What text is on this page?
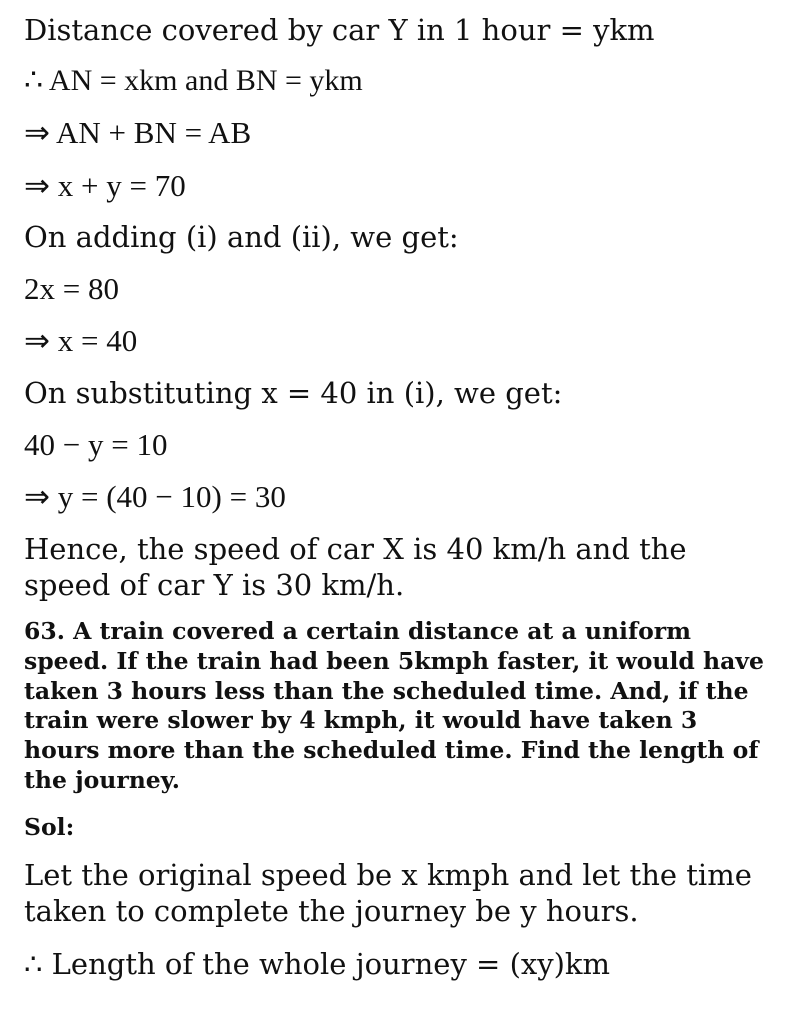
Distance covered by car Y in 1 hour = ykm
∴ AN = xkm and BN = ykm
⇒ AN + BN = AB
⇒ x + y = 70
On adding (i) and (ii), we get:
2x = 80
⇒ x = 40
On substituting x = 40 in (i), we get:
40 − y = 10
⇒ y = (40 − 10) = 30
Hence, the speed of car X is 40 km/h and the speed of car Y is 30 km/h.
63. A train covered a certain distance at a uniform speed. If the train had been 5kmph faster, it would have taken 3 hours less than the scheduled time. And, if the train were slower by 4 kmph, it would have taken 3 hours more than the scheduled time. Find the length of the journey.
Sol:
Let the original speed be x kmph and let the time taken to complete the journey be y hours.
∴ Length of the whole journey = (xy)km
